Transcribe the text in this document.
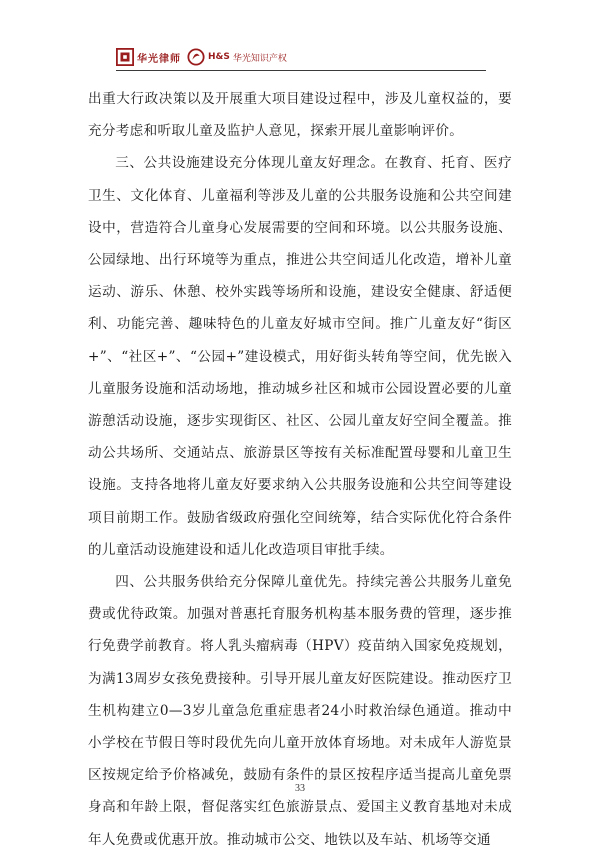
华光律师	H&S 华光知识产权

出重大行政决策以及开展重大项目建设过程中，涉及儿童权益的，要充分考虑和听取儿童及监护人意见，探索开展儿童影响评价。

三、公共设施建设充分体现儿童友好理念。在教育、托育、医疗卫生、文化体育、儿童福利等涉及儿童的公共服务设施和公共空间建设中，营造符合儿童身心发展需要的空间和环境。以公共服务设施、公园绿地、出行环境等为重点，推进公共空间适儿化改造，增补儿童运动、游乐、休憩、校外实践等场所和设施，建设安全健康、舒适便利、功能完善、趣味特色的儿童友好城市空间。推广儿童友好“街区+”、“社区+”、“公园+”建设模式，用好街头转角等空间，优先嵌入儿童服务设施和活动场地，推动城乡社区和城市公园设置必要的儿童游憩活动设施，逐步实现街区、社区、公园儿童友好空间全覆盖。推动公共场所、交通站点、旅游景区等按有关标准配置母婴和儿童卫生设施。支持各地将儿童友好要求纳入公共服务设施和公共空间等建设项目前期工作。鼓励省级政府强化空间统筹，结合实际优化符合条件的儿童活动设施建设和适儿化改造项目审批手续。

四、公共服务供给充分保障儿童优先。持续完善公共服务儿童免费或优待政策。加强对普惠托育服务机构基本服务费的管理，逐步推行免费学前教育。将人乳头瘤病毒（HPV）疫苗纳入国家免疫规划，为满13周岁女孩免费接种。引导开展儿童友好医院建设。推动医疗卫生机构建立0—3岁儿童急危重症患者24小时救治绿色通道。推动中小学校在节假日等时段优先向儿童开放体育场地。对未成年人游览景区按规定给予价格减免，鼓励有条件的景区按程序适当提高儿童免票身高和年龄上限，督促落实红色旅游景点、爱国主义教育基地对未成年人免费或优惠开放。推动城市公交、地铁以及车站、机场等交通

33
